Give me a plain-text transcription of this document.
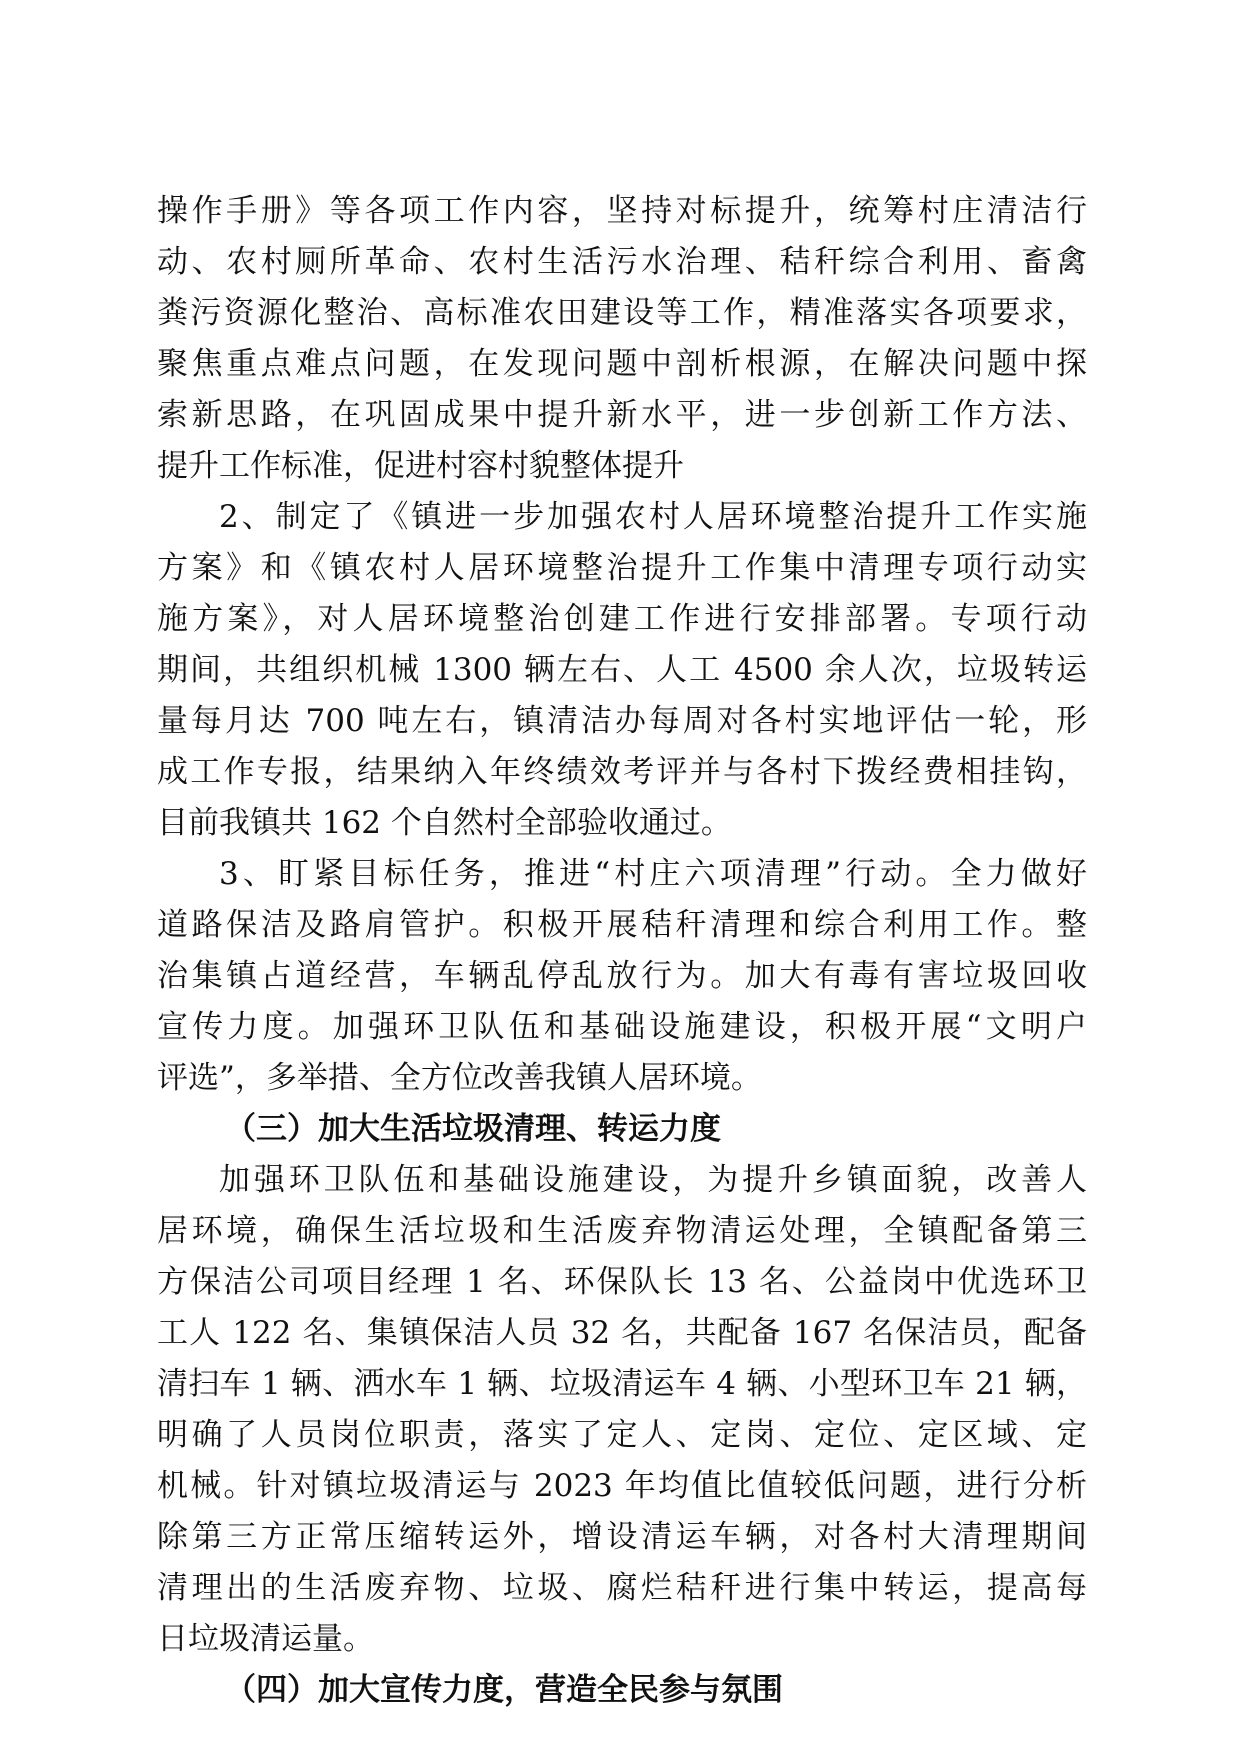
操作手册》等各项工作内容，坚持对标提升，统筹村庄清洁行
动、农村厕所革命、农村生活污水治理、秸秆综合利用、畜禽
粪污资源化整治、高标准农田建设等工作，精准落实各项要求，
聚焦重点难点问题，在发现问题中剖析根源，在解决问题中探
索新思路，在巩固成果中提升新水平，进一步创新工作方法、
提升工作标准，促进村容村貌整体提升
2、制定了《镇进一步加强农村人居环境整治提升工作实施
方案》和《镇农村人居环境整治提升工作集中清理专项行动实
施方案》，对人居环境整治创建工作进行安排部署。专项行动
期间，共组织机械 1300 辆左右、人工 4500 余人次，垃圾转运
量每月达 700 吨左右，镇清洁办每周对各村实地评估一轮，形
成工作专报，结果纳入年终绩效考评并与各村下拨经费相挂钩，
目前我镇共 162 个自然村全部验收通过。
3、盯紧目标任务，推进“村庄六项清理”行动。全力做好
道路保洁及路肩管护。积极开展秸秆清理和综合利用工作。整
治集镇占道经营，车辆乱停乱放行为。加大有毒有害垃圾回收
宣传力度。加强环卫队伍和基础设施建设，积极开展“文明户
评选”，多举措、全方位改善我镇人居环境。
（三）加大生活垃圾清理、转运力度
加强环卫队伍和基础设施建设，为提升乡镇面貌，改善人
居环境，确保生活垃圾和生活废弃物清运处理，全镇配备第三
方保洁公司项目经理 1 名、环保队长 13 名、公益岗中优选环卫
工人 122 名、集镇保洁人员 32 名，共配备 167 名保洁员，配备
清扫车 1 辆、洒水车 1 辆、垃圾清运车 4 辆、小型环卫车 21 辆，
明确了人员岗位职责，落实了定人、定岗、定位、定区域、定
机械。针对镇垃圾清运与 2023 年均值比值较低问题，进行分析
除第三方正常压缩转运外，增设清运车辆，对各村大清理期间
清理出的生活废弃物、垃圾、腐烂秸秆进行集中转运，提高每
日垃圾清运量。
（四）加大宣传力度，营造全民参与氛围
